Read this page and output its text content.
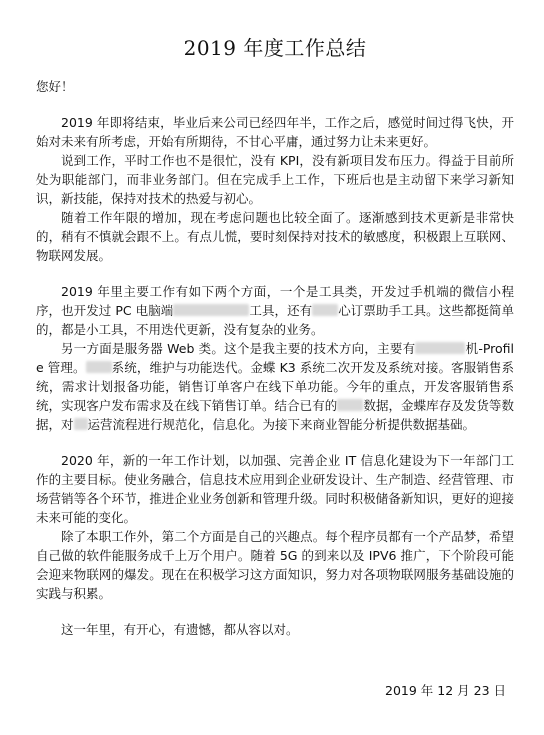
2019 年度工作总结
您好！

2019 年即将结束，毕业后来公司已经四年半，工作之后，感觉时间过得飞快，开始对未来有所考虑，开始有所期待，不甘心平庸，通过努力让未来更好。

说到工作，平时工作也不是很忙，没有 KPI，没有新项目发布压力。得益于目前所处为职能部门，而非业务部门。但在完成手上工作，下班后也是主动留下来学习新知识，新技能，保持对技术的热爱与初心。

随着工作年限的增加，现在考虑问题也比较全面了。逐渐感到技术更新是非常快的，稍有不慎就会跟不上。有点儿慌，要时刻保持对技术的敏感度，积极跟上互联网、物联网发展。

2019 年里主要工作有如下两个方面，一个是工具类，开发过手机端的微信小程序，也开发过 PC 电脑端	工具，还有 心订票助手工具。这些都挺简单的，都是小工具，不用迭代更新，没有复杂的业务。

另一方面是服务器 Web 类。这个是我主要的技术方向，主要有	机-Profile 管理。 系统，维护与功能迭代。金蝶 K3 系统二次开发及系统对接。客服销售系统，需求计划报备功能，销售订单客户在线下单功能。今年的重点，开发客服销售系统，实现客户发布需求及在线下销售订单。结合已有的 数据，金蝶库存及发货等数据，对 运营流程进行规范化，信息化。为接下来商业智能分析提供数据基础。

2020 年，新的一年工作计划，以加强、完善企业 IT 信息化建设为下一年部门工作的主要目标。使业务融合，信息技术应用到企业研发设计、生产制造、经营管理、市场营销等各个环节，推进企业业务创新和管理升级。同时积极储备新知识，更好的迎接未来可能的变化。

除了本职工作外，第二个方面是自己的兴趣点。每个程序员都有一个产品梦，希望自己做的软件能服务成千上万个用户。随着 5G 的到来以及 IPV6 推广，下个阶段可能会迎来物联网的爆发。现在在积极学习这方面知识，努力对各项物联网服务基础设施的实践与积累。

这一年里，有开心，有遗憾，都从容以对。

2019 年 12 月 23 日
